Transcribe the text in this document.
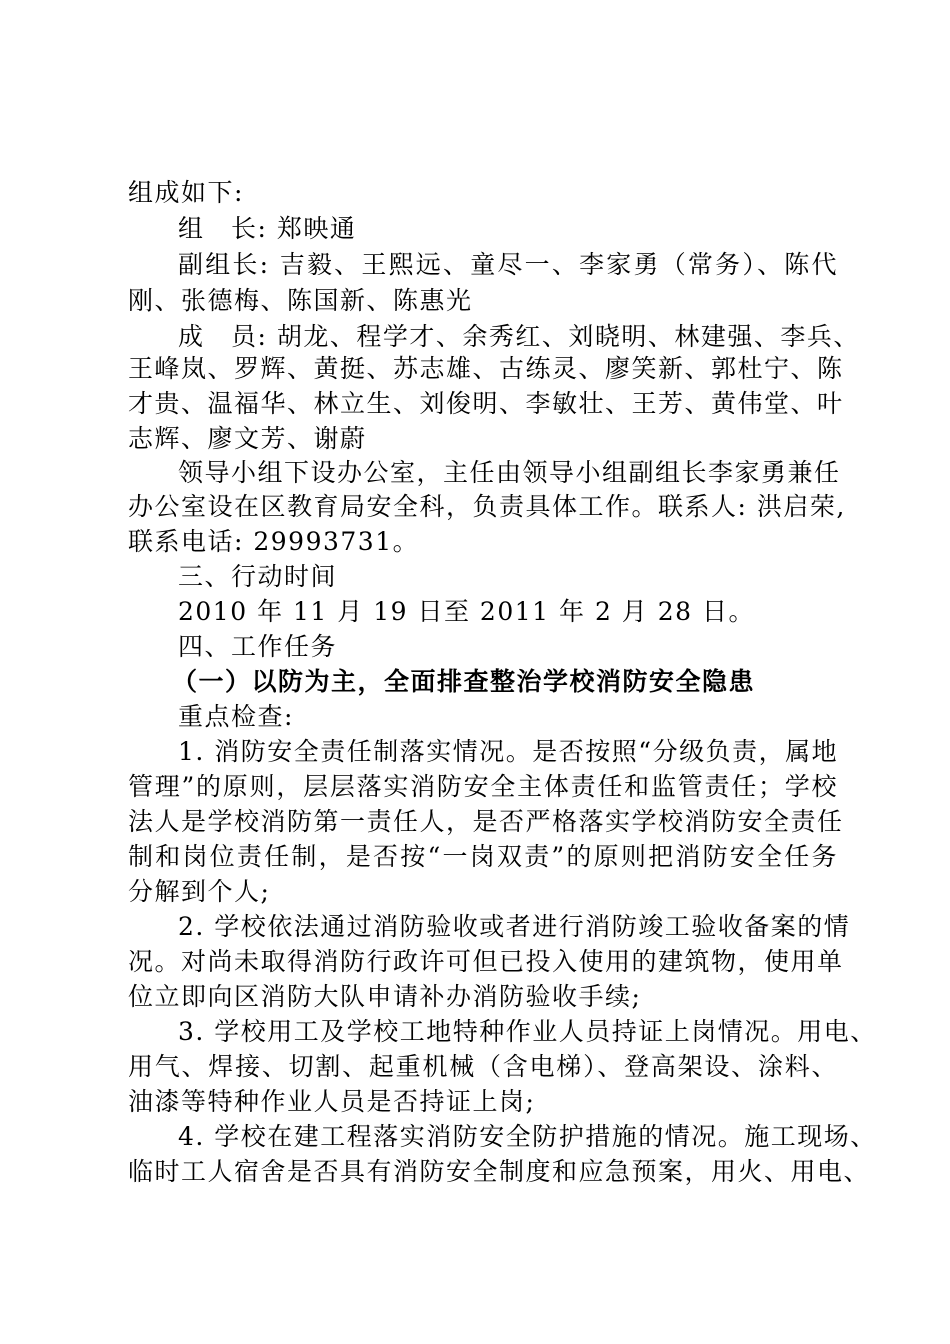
组成如下:
组　长: 郑映通
副组长: 吉毅、王熙远、童尽一、李家勇（常务）、陈代
刚、张德梅、陈国新、陈惠光
成　员: 胡龙、程学才、余秀红、刘晓明、林建强、李兵、
王峰岚、罗辉、黄挺、苏志雄、古练灵、廖笑新、郭杜宁、陈
才贵、温福华、林立生、刘俊明、李敏壮、王芳、黄伟堂、叶
志辉、廖文芳、谢蔚
领导小组下设办公室，主任由领导小组副组长李家勇兼任
办公室设在区教育局安全科，负责具体工作。联系人: 洪启荣,
联系电话: 29993731。
三、行动时间
2010 年 11 月 19 日至 2011 年 2 月 28 日。
四、工作任务
（一）以防为主，全面排查整治学校消防安全隐患
重点检查:
1. 消防安全责任制落实情况。是否按照“分级负责，属地
管理”的原则，层层落实消防安全主体责任和监管责任；学校
法人是学校消防第一责任人，是否严格落实学校消防安全责任
制和岗位责任制，是否按“一岗双责”的原则把消防安全任务
分解到个人;
2. 学校依法通过消防验收或者进行消防竣工验收备案的情
况。对尚未取得消防行政许可但已投入使用的建筑物，使用单
位立即向区消防大队申请补办消防验收手续;
3. 学校用工及学校工地特种作业人员持证上岗情况。用电、
用气、焊接、切割、起重机械（含电梯）、登高架设、涂料、
油漆等特种作业人员是否持证上岗;
4. 学校在建工程落实消防安全防护措施的情况。施工现场、
临时工人宿舍是否具有消防安全制度和应急预案，用火、用电、
